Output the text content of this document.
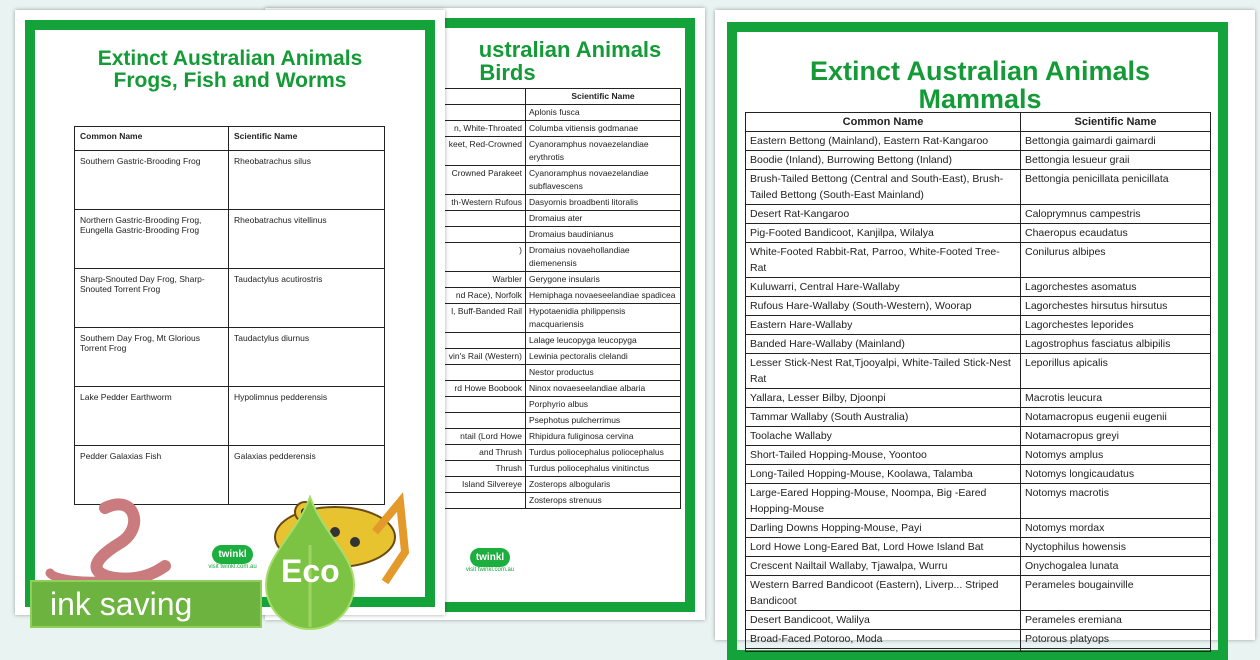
ustralian Animals
Birds
	Scientific Name
	Aplonis fusca
n, White-Throated	Columba vitiensis godmanae
keet, Red-Crowned	Cyanoramphus novaezelandiae erythrotis
Crowned Parakeet	Cyanoramphus novaezelandiae subflavescens
th-Western Rufous	Dasyornis broadbenti litoralis
	Dromaius ater
	Dromaius baudinianus
)	Dromaius novaehollandiae diemenensis
Warbler	Gerygone insularis
nd Race), Norfolk	Hemiphaga novaeseelandiae spadicea
l, Buff-Banded Rail	Hypotaenidia philippensis macquariensis
	Lalage leucopyga leucopyga
vin's Rail (Western)	Lewinia pectoralis clelandi
	Nestor productus
rd Howe Boobook	Ninox novaeseelandiae albaria
	Porphyrio albus
	Psephotus pulcherrimus
ntail (Lord Howe	Rhipidura fuliginosa cervina
and Thrush	Turdus poliocephalus poliocephalus
Thrush	Turdus poliocephalus vinitinctus
Island Silvereye	Zosterops albogularis
	Zosterops strenuus
twinkl
visit twinkl.com.au
Extinct Australian Animals
Frogs, Fish and Worms
Common Name	Scientific Name
Southern Gastric-Brooding Frog	Rheobatrachus silus
Northern Gastric-Brooding Frog, Eungella Gastric-Brooding Frog	Rheobatrachus vitellinus
Sharp-Snouted Day Frog, Sharp-Snouted Torrent Frog	Taudactylus acutirostris
Southern Day Frog, Mt Glorious Torrent Frog	Taudactylus diurnus
Lake Pedder Earthworm	Hypolimnus pedderensis
Pedder Galaxias Fish	Galaxias pedderensis
twinkl
visit twinkl.com.au
Extinct Australian Animals
Mammals
Common Name	Scientific Name
Eastern Bettong (Mainland), Eastern Rat-Kangaroo	Bettongia gaimardi gaimardi
Boodie (Inland), Burrowing Bettong (Inland)	Bettongia lesueur graii
Brush-Tailed Bettong (Central and South-East), Brush-Tailed Bettong (South-East Mainland)	Bettongia penicillata penicillata
Desert Rat-Kangaroo	Caloprymnus campestris
Pig-Footed Bandicoot, Kanjilpa, Wilalya	Chaeropus ecaudatus
White-Footed Rabbit-Rat, Parroo, White-Footed Tree-Rat	Conilurus albipes
Kuluwarri, Central Hare-Wallaby	Lagorchestes asomatus
Rufous Hare-Wallaby (South-Western), Woorap	Lagorchestes hirsutus hirsutus
Eastern Hare-Wallaby	Lagorchestes leporides
Banded Hare-Wallaby (Mainland)	Lagostrophus fasciatus albipilis
Lesser Stick-Nest Rat,Tjooyalpi, White-Tailed Stick-Nest Rat	Leporillus apicalis
Yallara, Lesser Bilby, Djoonpi	Macrotis leucura
Tammar Wallaby (South Australia)	Notamacropus eugenii eugenii
Toolache Wallaby	Notamacropus greyi
Short-Tailed Hopping-Mouse, Yoontoo	Notomys amplus
Long-Tailed Hopping-Mouse, Koolawa, Talamba	Notomys longicaudatus
Large-Eared Hopping-Mouse, Noompa, Big -Eared Hopping-Mouse	Notomys macrotis
Darling Downs Hopping-Mouse, Payi	Notomys mordax
Lord Howe Long-Eared Bat, Lord Howe Island Bat	Nyctophilus howensis
Crescent Nailtail Wallaby, Tjawalpa, Wurru	Onychogalea lunata
Western Barred Bandicoot (Eastern), Liverp... Striped Bandicoot	Perameles bougainville
Desert Bandicoot, Walilya	Perameles eremiana
Broad-Faced Potoroo, Moda	Potorous platyops

ink saving
Eco
